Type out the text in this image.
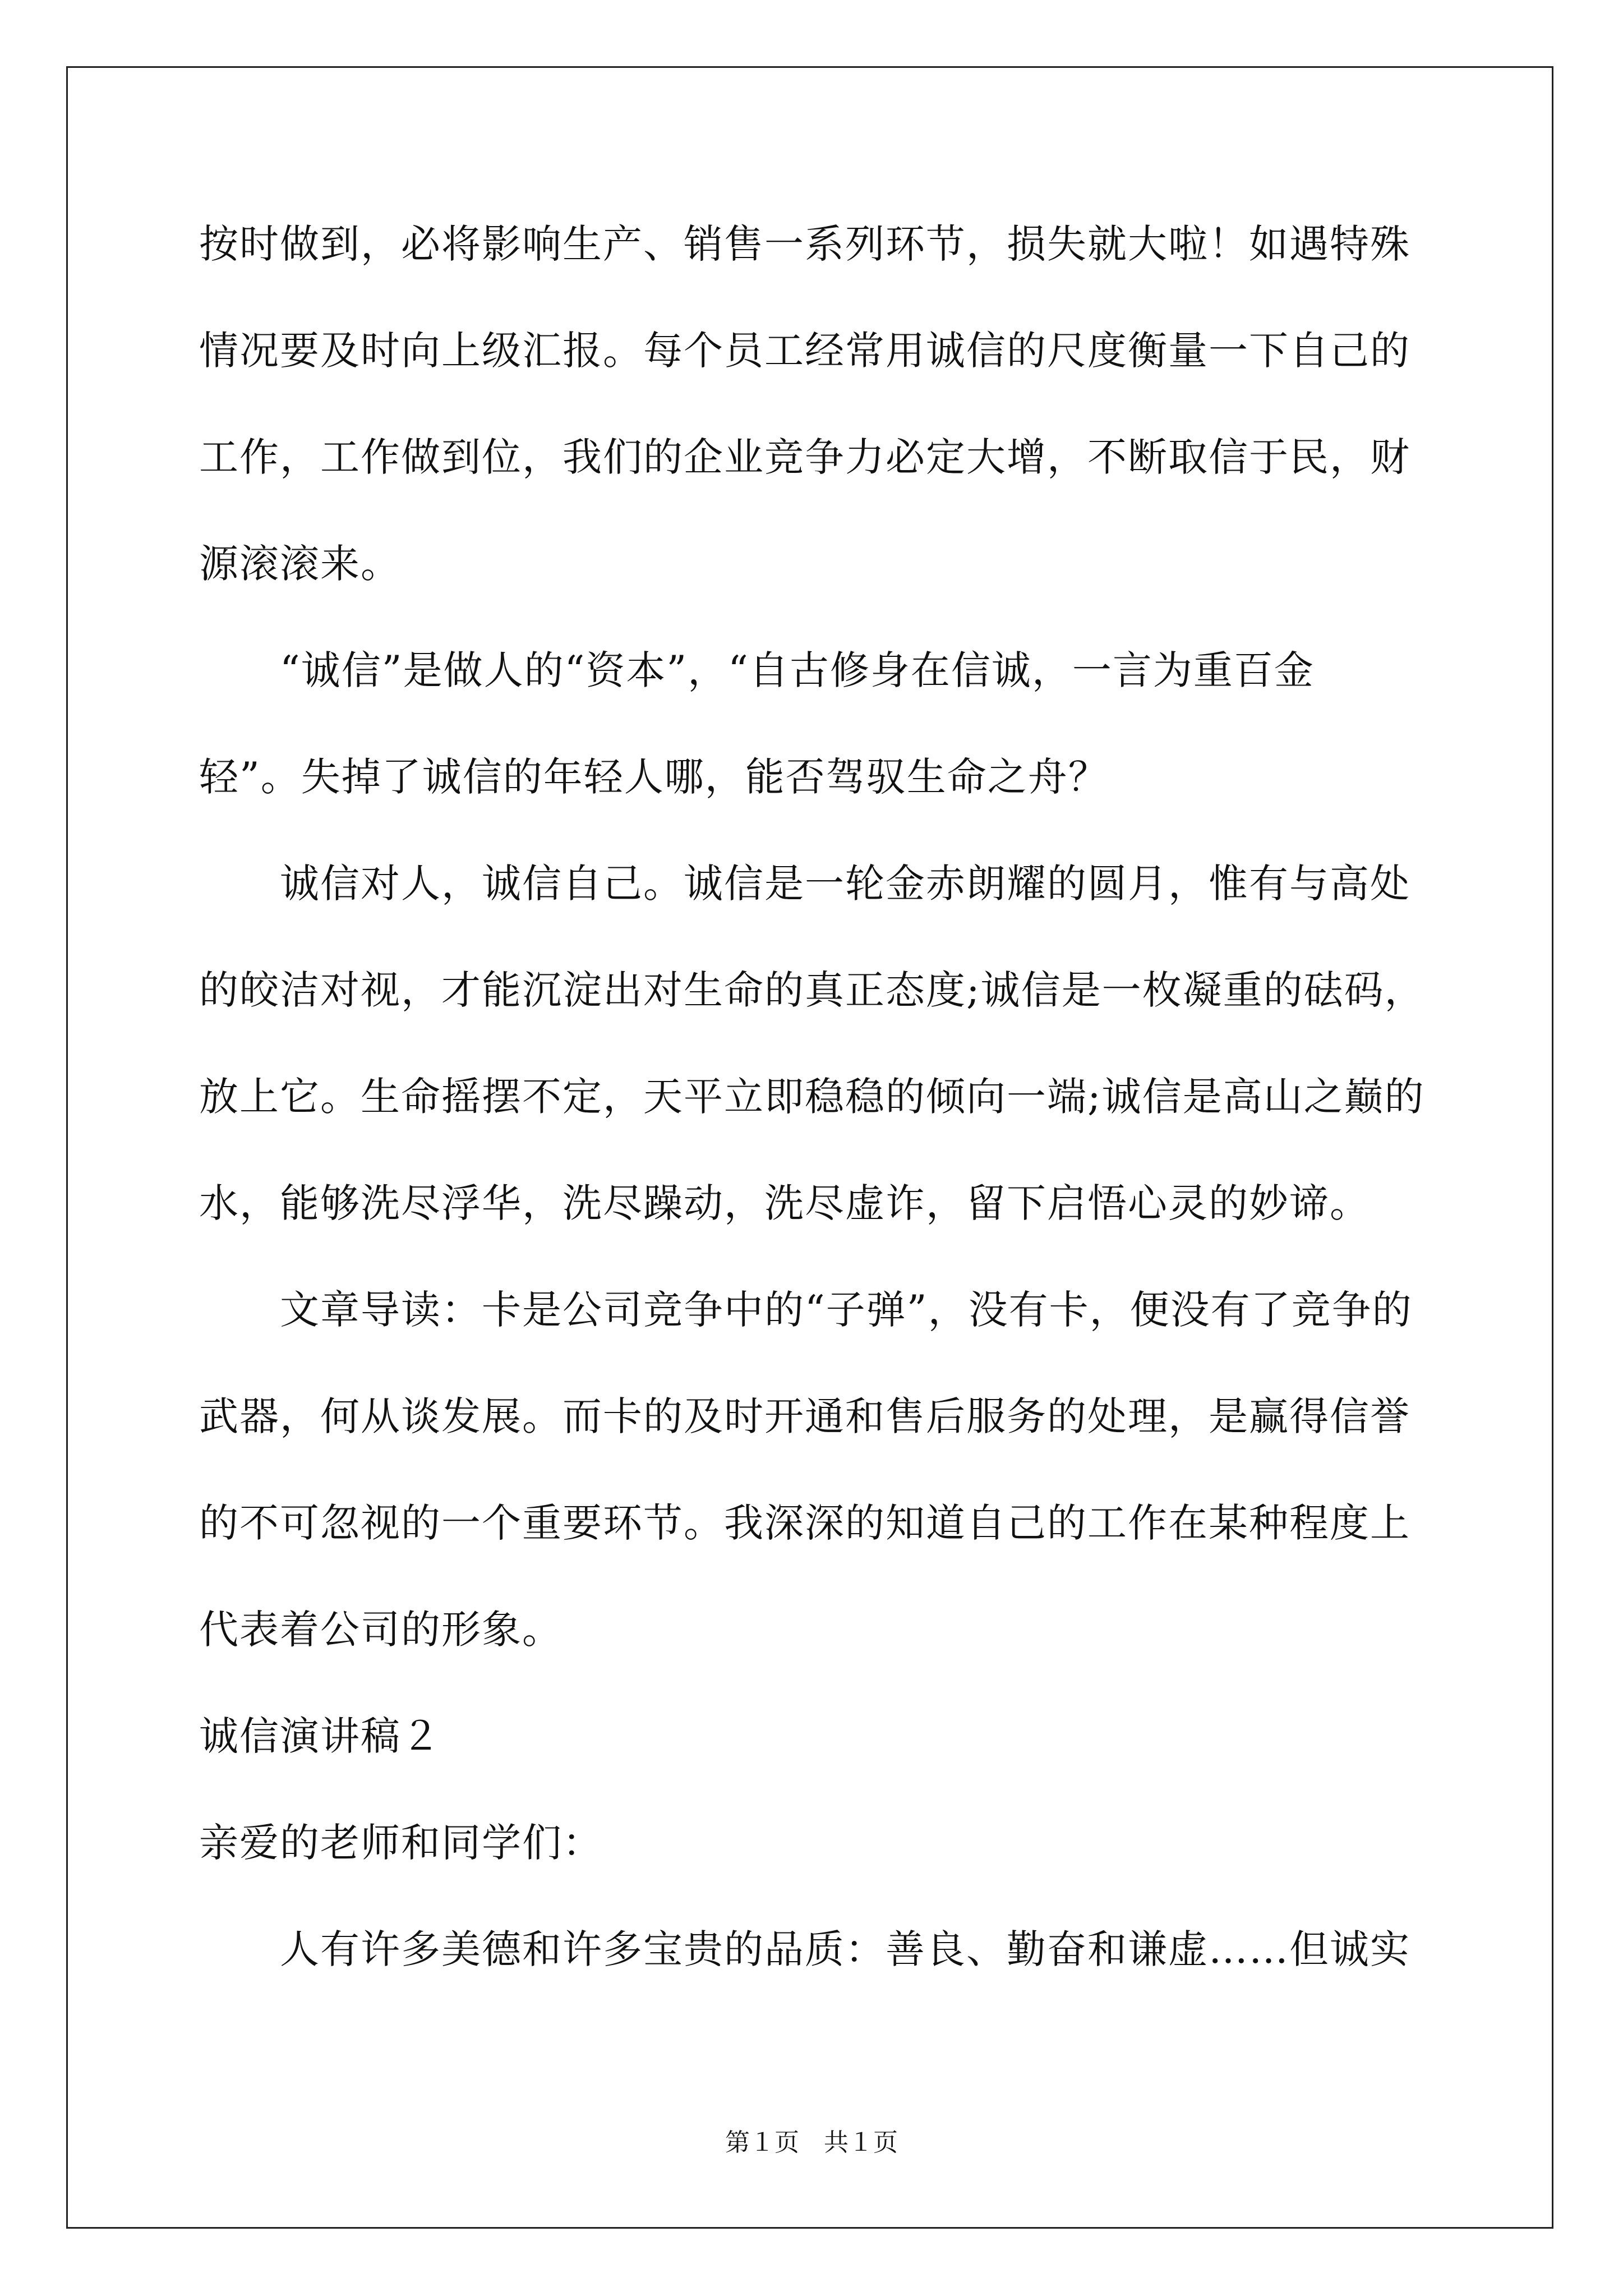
按时做到，必将影响生产、销售一系列环节，损失就大啦！如遇特殊
情况要及时向上级汇报。每个员工经常用诚信的尺度衡量一下自己的
工作，工作做到位，我们的企业竞争力必定大增，不断取信于民，财
源滚滚来。
　　“诚信”是做人的“资本”，“自古修身在信诚，一言为重百金
轻”。失掉了诚信的年轻人哪，能否驾驭生命之舟？
　　诚信对人，诚信自己。诚信是一轮金赤朗耀的圆月，惟有与高处
的皎洁对视，才能沉淀出对生命的真正态度;诚信是一枚凝重的砝码，
放上它。生命摇摆不定，天平立即稳稳的倾向一端;诚信是高山之巅的
水，能够洗尽浮华，洗尽躁动，洗尽虚诈，留下启悟心灵的妙谛。
　　文章导读：卡是公司竞争中的“子弹”，没有卡，便没有了竞争的
武器，何从谈发展。而卡的及时开通和售后服务的处理，是赢得信誉
的不可忽视的一个重要环节。我深深的知道自己的工作在某种程度上
代表着公司的形象。
诚信演讲稿２
亲爱的老师和同学们：
　　人有许多美德和许多宝贵的品质：善良、勤奋和谦虚……但诚实
第１页　共１页
